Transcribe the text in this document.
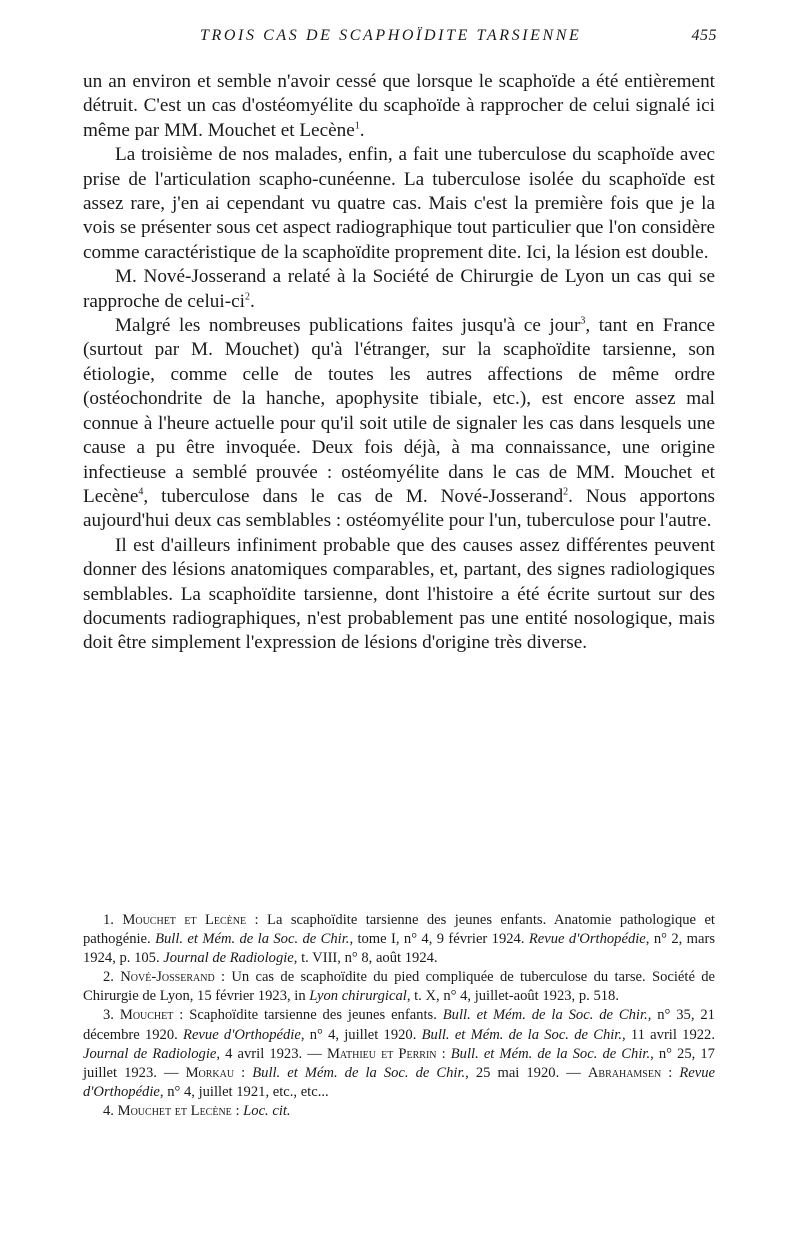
TROIS CAS DE SCAPHOÏDITE TARSIENNE	455

un an environ et semble n'avoir cessé que lorsque le scaphoïde a été entièrement détruit. C'est un cas d'ostéomyélite du scaphoïde à rapprocher de celui signalé ici même par MM. Mouchet et Lecène$^1$.

La troisième de nos malades, enfin, a fait une tuberculose du scaphoïde avec prise de l'articulation scapho-cunéenne. La tuberculose isolée du scaphoïde est assez rare, j'en ai cependant vu quatre cas. Mais c'est la première fois que je la vois se présenter sous cet aspect radiographique tout particulier que l'on considère comme caractéristique de la scaphoïdite proprement dite. Ici, la lésion est double.

M. Nové-Josserand a relaté à la Société de Chirurgie de Lyon un cas qui se rapproche de celui-$ci^2$.

Malgré les nombreuses publications faites jusqu'à ce jour$^3$, tant en France (surtout par M. Mouchet) qu'à l'étranger, sur la scaphoïdite tarsienne, son étiologie, comme celle de toutes les autres affections de même ordre (ostéochondrite de la hanche, apophysite tibiale, etc.), est encore assez mal connue à l'heure actuelle pour qu'il soit utile de signaler les cas dans lesquels une cause a pu être invoquée. Deux fois déjà, à ma connaissance, une origine infectieuse a semblé prouvée : ostéomyélite dans le cas de MM. Mouchet et Lecène$^4$, tuberculose dans le cas de M. Nové-Josserand$^2$. Nous apportons aujourd'hui deux cas semblables : ostéomyélite pour l'un, tuberculose pour l'autre.

Il est d'ailleurs infiniment probable que des causes assez différentes peuvent donner des lésions anatomiques comparables, et, partant, des signes radiologiques semblables. La scaphoïdite tarsienne, dont l'histoire a été écrite surtout sur des documents radiographiques, n'est probablement pas une entité nosologique, mais doit être simplement l'expression de lésions d'origine très diverse.

1. Mouchet et Lecène : La scaphoïdite tarsienne des jeunes enfants. Anatomie pathologique et pathogénie. Bull. et Mém. de la Soc. de Chir., tome I, n° 4, 9 février 1924. Revue d'Orthopédie, n° 2, mars 1924, p. 105. Journal de Radiologie, t. VIII, n° 8, août 1924.

2. Nové-Josserand : Un cas de scaphoïdite du pied compliquée de tuberculose du tarse. Société de Chirurgie de Lyon, 15 février 1923, in Lyon chirurgical, t. X, n° 4, juillet-août 1923, p. 518.

3. Mouchet : Scaphoïdite tarsienne des jeunes enfants. Bull. et Mém. de la Soc. de Chir., n° 35, 21 décembre 1920. Revue d'Orthopédie, n° 4, juillet 1920. Bull. et Mém. de la Soc. de Chir., 11 avril 1922. Journal de Radiologie, 4 avril 1923. — Mathieu et Perrin : Bull. et Mém. de la Soc. de Chir., n° 25, 17 juillet 1923. — Morkau : Bull. et Mém. de la Soc. de Chir., 25 mai 1920. — Abrahamsen : Revue d'Orthopédie, n° 4, juillet 1921, etc., etc...

4. Mouchet et Lecène : Loc. cit.
